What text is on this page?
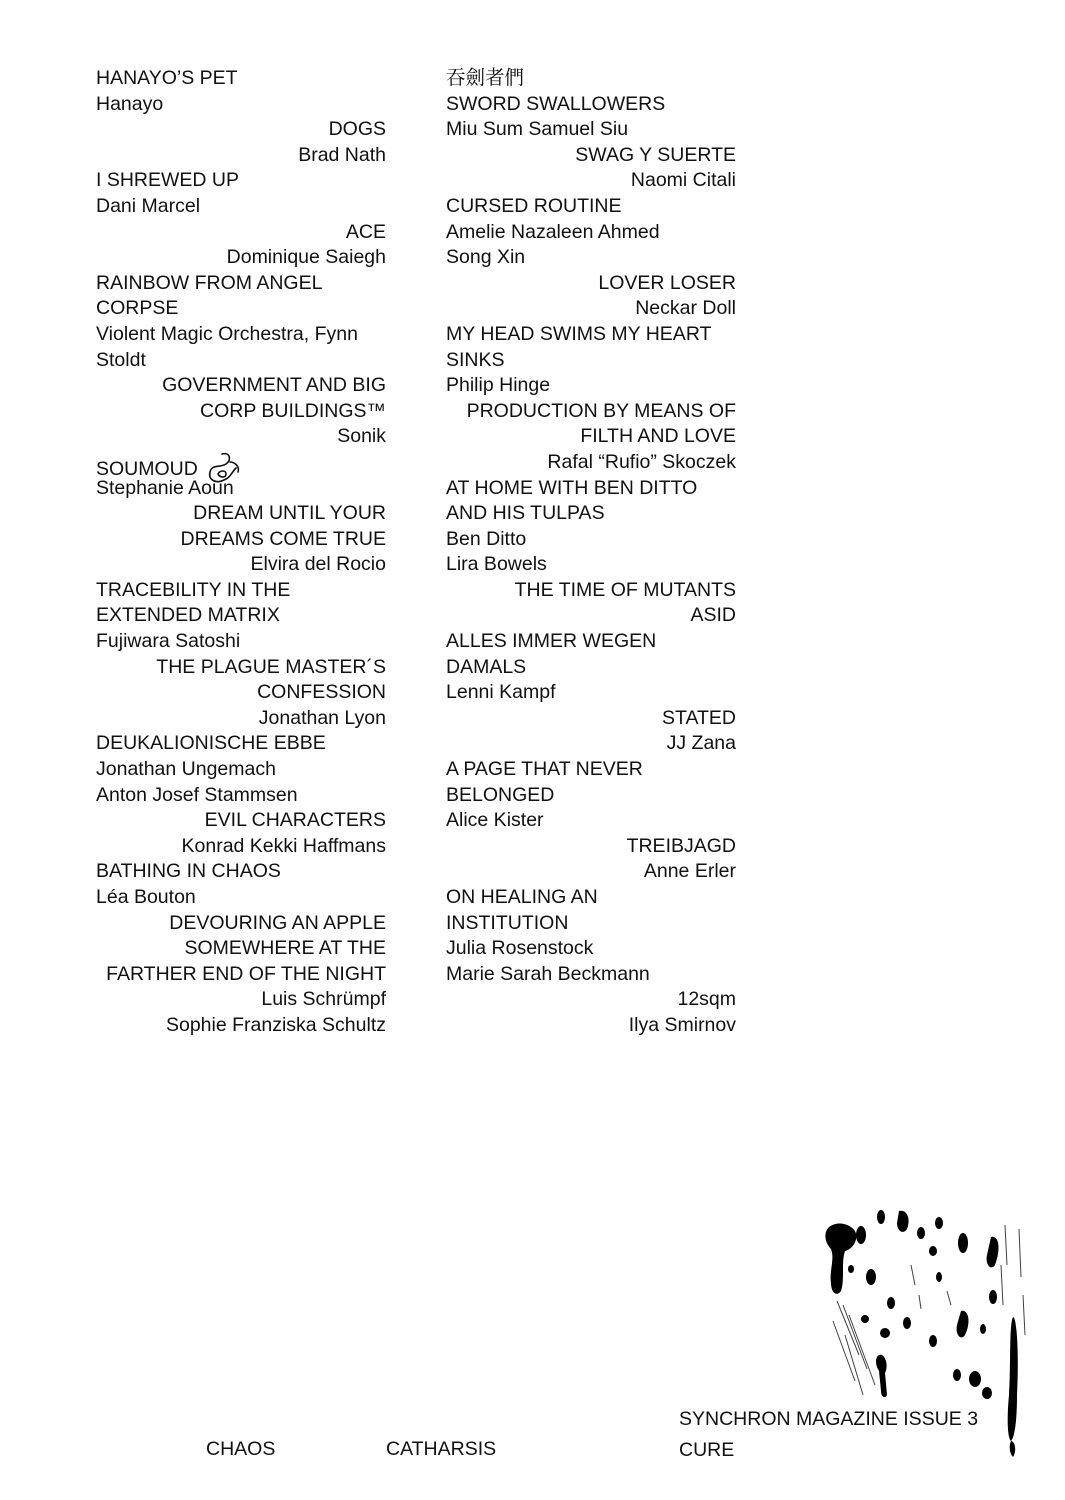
HANAYO’S PET
Hanayo
DOGS
Brad Nath
I SHREWED UP
Dani Marcel
ACE
Dominique Saiegh
RAINBOW FROM ANGEL
CORPSE
Violent Magic Orchestra, Fynn
Stoldt
GOVERNMENT AND BIG
CORP BUILDINGS™
Sonik
SOUMOUD
Stephanie Aoun
DREAM UNTIL YOUR
DREAMS COME TRUE
Elvira del Rocio
TRACEBILITY IN THE
EXTENDED MATRIX
Fujiwara Satoshi
THE PLAGUE MASTER´S
CONFESSION
Jonathan Lyon
DEUKALIONISCHE EBBE
Jonathan Ungemach
Anton Josef Stammsen
EVIL CHARACTERS
Konrad Kekki Haffmans
BATHING IN CHAOS
Léa Bouton
DEVOURING AN APPLE
SOMEWHERE AT THE
FARTHER END OF THE NIGHT
Luis Schrümpf
Sophie Franziska Schultz
吞劍者們
SWORD SWALLOWERS
Miu Sum Samuel Siu
SWAG Y SUERTE
Naomi Citali
CURSED ROUTINE
Amelie Nazaleen Ahmed
Song Xin
LOVER LOSER
Neckar Doll
MY HEAD SWIMS MY HEART
SINKS
Philip Hinge
PRODUCTION BY MEANS OF
FILTH AND LOVE
Rafal “Rufio” Skoczek
AT HOME WITH BEN DITTO
AND HIS TULPAS
Ben Ditto
Lira Bowels
THE TIME OF MUTANTS
ASID
ALLES IMMER WEGEN
DAMALS
Lenni Kampf
STATED
JJ Zana
A PAGE THAT NEVER
BELONGED
Alice Kister
TREIBJAGD
Anne Erler
ON HEALING AN
INSTITUTION
Julia Rosenstock
Marie Sarah Beckmann
12sqm
Ilya Smirnov
CHAOS	CATHARSIS
SYNCHRON MAGAZINE ISSUE 3
CURE
